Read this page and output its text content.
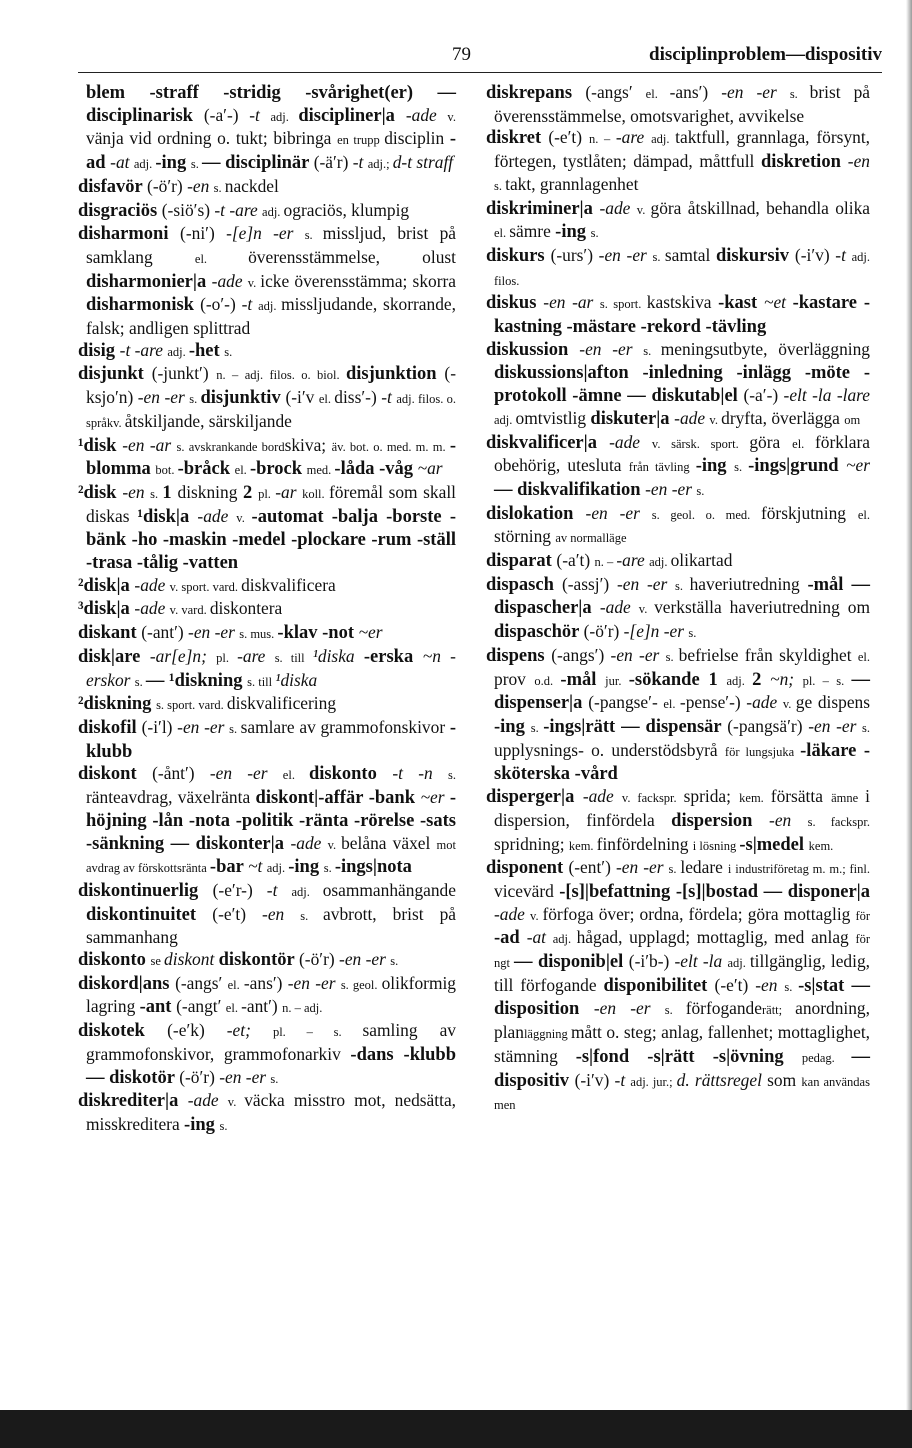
79	disciplinproblem—dispositiv
blem -straff -stridig -svårighet(er) — disciplinarisk (-a′-) -t adj. discipliner|a -ade v. vänja vid ordning o. tukt; bibringa en trupp disciplin -ad -at adj. -ing s. — disciplinär (-ä′r) -t adj.; d-t straff
disfavör (-ö′r) -en s. nackdel
disgraciös (-siö′s) -t -are adj. ograciös, klumpig
disharmoni (-ni′) -[e]n -er s. missljud, brist på samklang el. överensstämmelse, olust disharmonier|a -ade v. icke överensstämma; skorra disharmonisk (-o′-) -t adj. missljudande, skorrande, falsk; andligen splittrad
disig -t -are adj. -het s.
disjunkt (-junkt′) n. – adj. filos. o. biol. disjunktion (-ksjo′n) -en -er s. disjunktiv (-i′v el. diss′-) -t adj. filos. o. språkv. åtskiljande, särskiljande
¹disk -en -ar s. avskrankande bordskiva; äv. bot. o. med. m. m. -blomma bot. -bråck el. -brock med. -låda -våg ~ar
²disk -en s. 1 diskning 2 pl. -ar koll. föremål som skall diskas ¹disk|a -ade v. -automat -balja -borste -bänk -ho -maskin -medel -plockare -rum -ställ -trasa -tålig -vatten
²disk|a -ade v. sport. vard. diskvalificera
³disk|a -ade v. vard. diskontera
diskant (-ant′) -en -er s. mus. -klav -not ~er
disk|are -ar[e]n; pl. -are s. till ¹diska -erska ~n -erskor s. — ¹diskning s. till ¹diska
²diskning s. sport. vard. diskvalificering
diskofil (-i′l) -en -er s. samlare av grammofonskivor -klubb
diskont (-ånt′) -en -er el. diskonto -t -n s. ränteavdrag, växelränta diskont|-affär -bank ~er -höjning -lån -nota -politik -ränta -rörelse -sats -sänkning — diskonter|a -ade v. belåna växel mot avdrag av förskottsränta -bar ~t adj. -ing s. -ings|nota
diskontinuerlig (-e′r-) -t adj. osammanhängande diskontinuitet (-e′t) -en s. avbrott, brist på sammanhang
diskonto se diskont diskontör (-ö′r) -en -er s.
diskord|ans (-angs′ el. -ans′) -en -er s. geol. olikformig lagring -ant (-angt′ el. -ant′) n. – adj.
diskotek (-e′k) -et; pl. – s. samling av grammofonskivor, grammofonarkiv -dans -klubb — diskotör (-ö′r) -en -er s.
diskrediter|a -ade v. väcka misstro mot, nedsätta, misskreditera -ing s.
diskrepans (-angs′ el. -ans′) -en -er s. brist på överensstämmelse, omotsvarighet, avvikelse
diskret (-e′t) n. – -are adj. taktfull, grannlaga, försynt, förtegen, tystlåten; dämpad, måttfull diskretion -en s. takt, grannlagenhet
diskriminer|a -ade v. göra åtskillnad, behandla olika el. sämre -ing s.
diskurs (-urs′) -en -er s. samtal diskursiv (-i′v) -t adj. filos.
diskus -en -ar s. sport. kastskiva -kast ~et -kastare -kastning -mästare -rekord -tävling
diskussion -en -er s. meningsutbyte, överläggning diskussions|afton -inledning -inlägg -möte -protokoll -ämne — diskutab|el (-a′-) -elt -la -lare adj. omtvistlig diskuter|a -ade v. dryfta, överlägga om
diskvalificer|a -ade v. särsk. sport. göra el. förklara obehörig, utesluta från tävling -ing s. -ings|grund ~er — diskvalifikation -en -er s.
dislokation -en -er s. geol. o. med. förskjutning el. störning av normalläge
disparat (-a′t) n. – -are adj. olikartad
dispasch (-assj′) -en -er s. haveriutredning -mål — dispascher|a -ade v. verkställa haveriutredning om dispaschör (-ö′r) -[e]n -er s.
dispens (-angs′) -en -er s. befrielse från skyldighet el. prov o.d. -mål jur. -sökande 1 adj. 2 ~n; pl. – s. — dispenser|a (-pangse′- el. -pense′-) -ade v. ge dispens -ing s. -ings|rätt — dispensär (-pangsä′r) -en -er s. upplysnings- o. understödsbyrå för lungsjuka -läkare -sköterska -vård
disperger|a -ade v. fackspr. sprida; kem. försätta ämne i dispersion, finfördela dispersion -en s. fackspr. spridning; kem. finfördelning i lösning -s|medel kem.
disponent (-ent′) -en -er s. ledare i industriföretag m. m.; finl. vicevärd -[s]|befattning -[s]|bostad — disponer|a -ade v. förfoga över; ordna, fördela; göra mottaglig för -ad -at adj. hågad, upplagd; mottaglig, med anlag för ngt — disponib|el (-i′b-) -elt -la adj. tillgänglig, ledig, till förfogande disponibilitet (-e′t) -en s. -s|stat — disposition -en -er s. förfoganderätt; anordning, planläggning mått o. steg; anlag, fallenhet; mottaglighet, stämning -s|fond -s|rätt -s|övning pedag. — dispositiv (-i′v) -t adj. jur.; d. rättsregel som kan användas men
